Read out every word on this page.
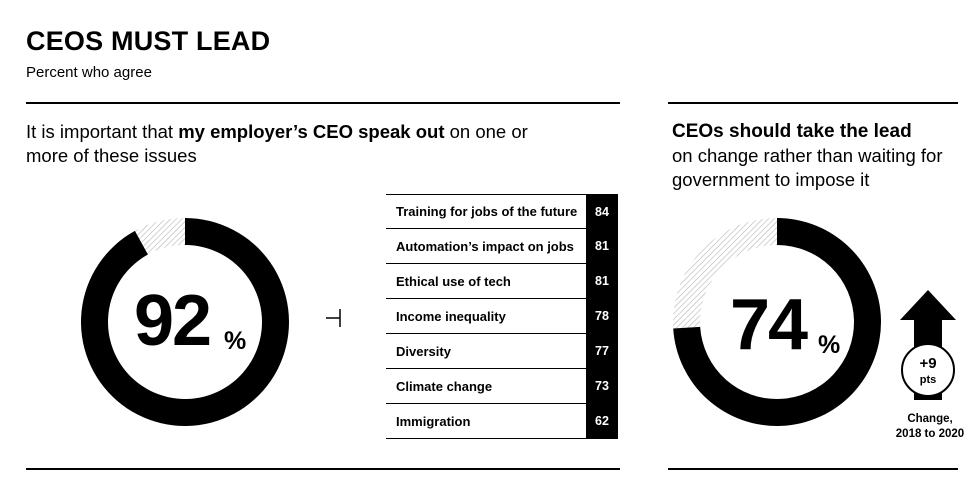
CEOS MUST LEAD
Percent who agree
It is important that my employer’s CEO speak out on one or more of these issues
CEOs should take the lead
on change rather than waiting for government to impose it
92 %
Training for jobs of the future	84
Automation’s impact on jobs	81
Ethical use of tech	81
Income inequality	78
Diversity	77
Climate change	73
Immigration	62
74 %
+9
pts
Change,
2018 to 2020
